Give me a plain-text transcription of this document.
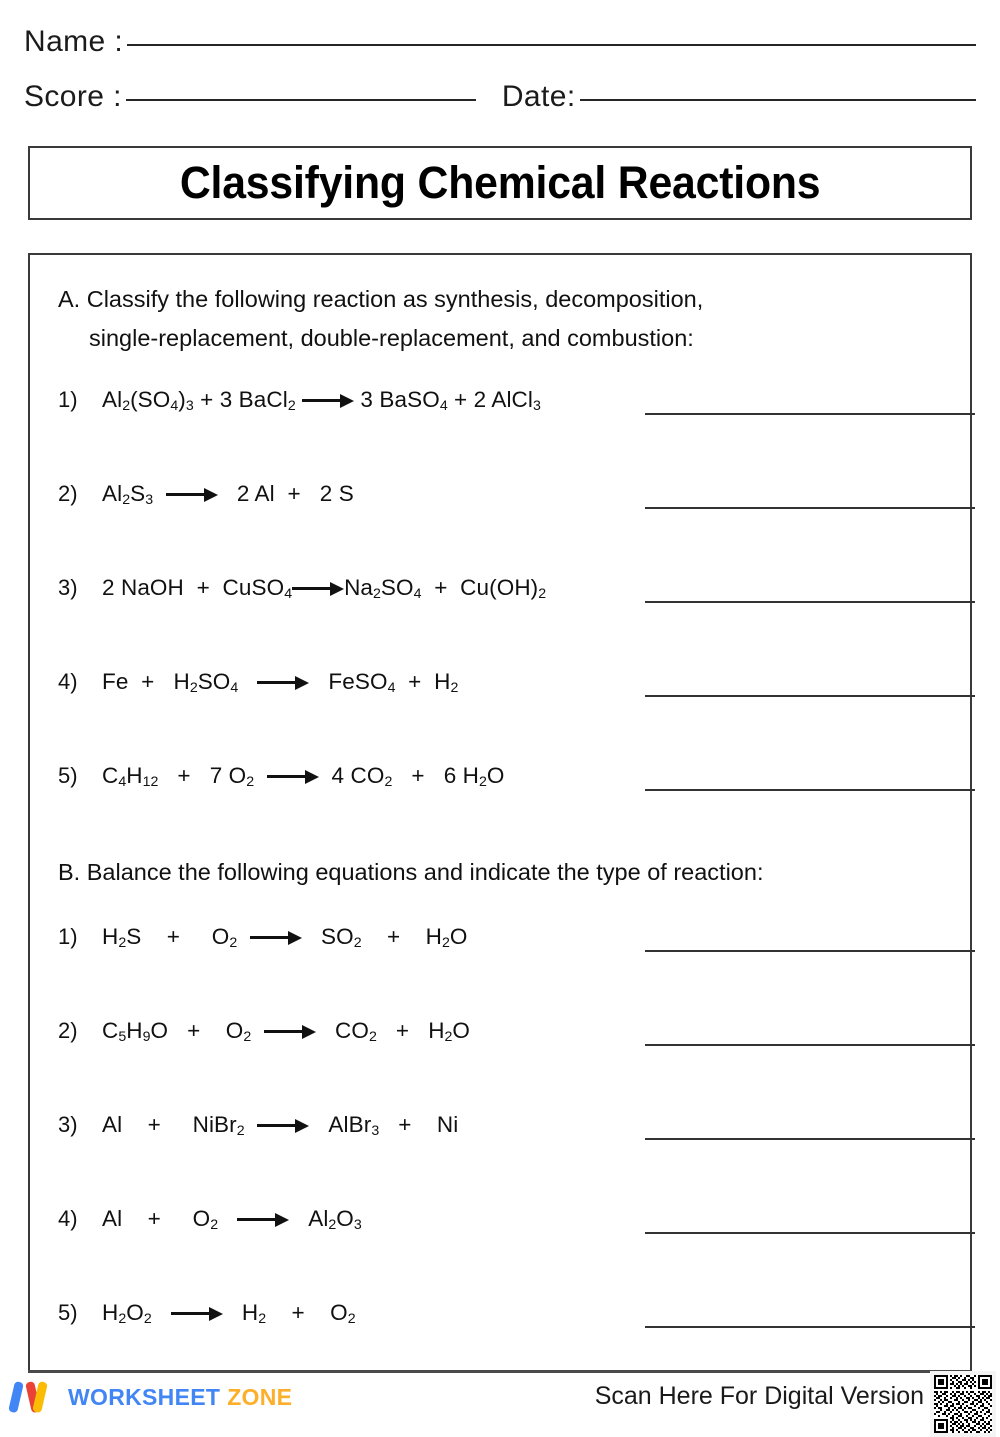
Name :
Score :	Date:
Classifying Chemical Reactions
A. Classify the following reaction as synthesis, decomposition,
single-replacement, double-replacement, and combustion:
1)	$Al_2$ ($SO_4$ )$_3 + 3$ BaCl$_2$
	3 BaSO$_4$ + 2 AlCl$_3$
2)	$Al_2$ $S_3$
	2 Al  +   2 S
3)	2 NaOH  +  CuSO$_4$ $Na_2$ $SO_4 + Cu(OH)_2$
4)	$Fe + H_2$ $SO_4$
	FeSO$_4$ +  $H_2$
5)	$C_4$ $H_{12} + 7$ $O_2$
	4 $CO_2 + 6$ $H_2$ O
B. Balance the following equations and indicate the type of reaction:
1)	$H_2$ S    +     $O_2$
	$SO_2$ +    $H_2$ O
2)	$C_5$ $H_9$ O   +    $O_2$
	$CO_2 + H_2$ O
3)	Al    +     NiBr$_2$
	AlBr$_3$ +    Ni
4)	Al    +     $O_2$
	$Al_2$ $O_3$
5)	$H_2$ $O_2$
	$H_2$ +    $O_2$
WORKSHEET ZONE	Scan Here For Digital Version
